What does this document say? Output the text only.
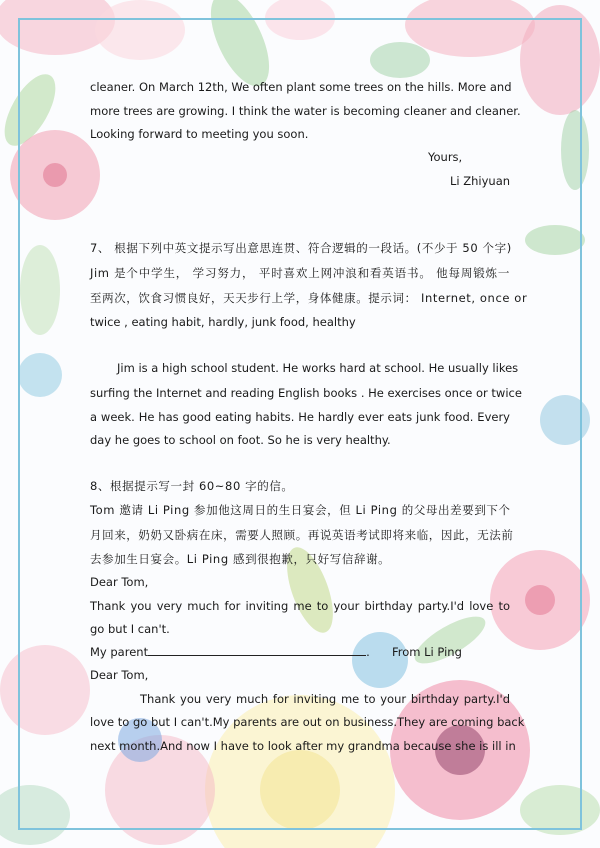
cleaner. On March 12th, We often plant some trees on the hills. More and
more trees are growing. I think the water is becoming cleaner and cleaner.
Looking forward to meeting you soon.
Yours,
Li Zhiyuan
7、 根据下列中英文提示写出意思连贯、符合逻辑的一段话。(不少于 50 个字)
Jim 是个中学生， 学习努力， 平时喜欢上网冲浪和看英语书。 他每周锻炼一
至两次，饮食习惯良好，天天步行上学，身体健康。提示词： Internet, once or
twice , eating habit, hardly, junk food, healthy
Jim is a high school student. He works hard at school. He usually likes
surfing the Internet and reading English books . He exercises once or twice
a week. He has good eating habits. He hardly ever eats junk food. Every
day he goes to school on foot. So he is very healthy.
8、根据提示写一封 60~80 字的信。
Tom 邀请 Li Ping 参加他这周日的生日宴会，但 Li Ping 的父母出差要到下个
月回来，奶奶又卧病在床，需要人照顾。再说英语考试即将来临，因此，无法前
去参加生日宴会。Li Ping 感到很抱歉，只好写信辞谢。
Dear Tom,
Thank you very much for inviting me to your birthday party.I'd love to
go but I can't.
My parent	. From Li Ping
Dear Tom,
Thank you very much for inviting me to your birthday party.I'd
love to go but I can't.My parents are out on business.They are coming back
next month.And now I have to look after my grandma because she is ill in
